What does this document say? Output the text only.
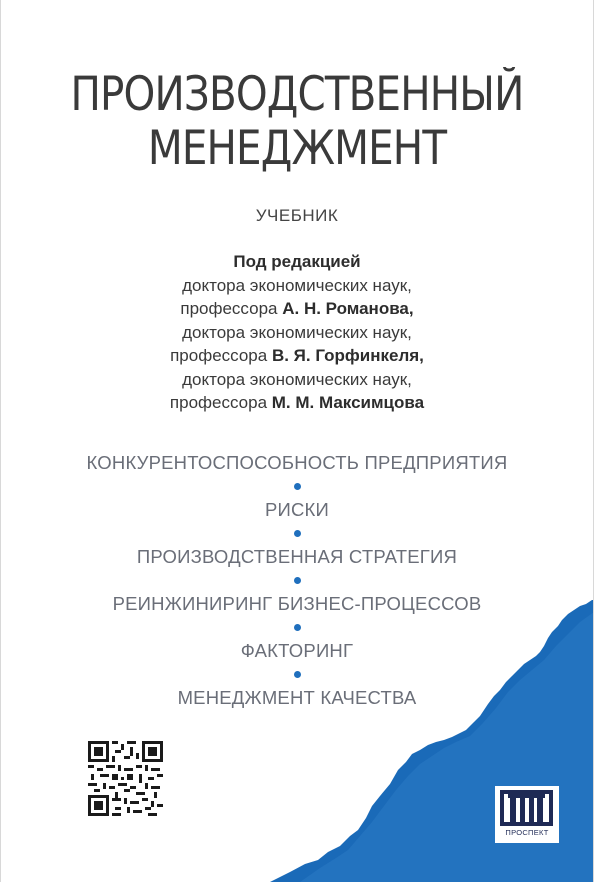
ПРОИЗВОДСТВЕННЫЙ
МЕНЕДЖМЕНТ
УЧЕБНИК
Под редакцией
доктора экономических наук,
профессора А. Н. Романова,
доктора экономических наук,
профессора В. Я. Горфинкеля,
доктора экономических наук,
профессора М. М. Максимцова
КОНКУРЕНТОСПОСОБНОСТЬ ПРЕДПРИЯТИЯ
РИСКИ
ПРОИЗВОДСТВЕННАЯ СТРАТЕГИЯ
РЕИНЖИНИРИНГ БИЗНЕС-ПРОЦЕССОВ
ФАКТОРИНГ
МЕНЕДЖМЕНТ КАЧЕСТВА
ПРОСПЕКТ
